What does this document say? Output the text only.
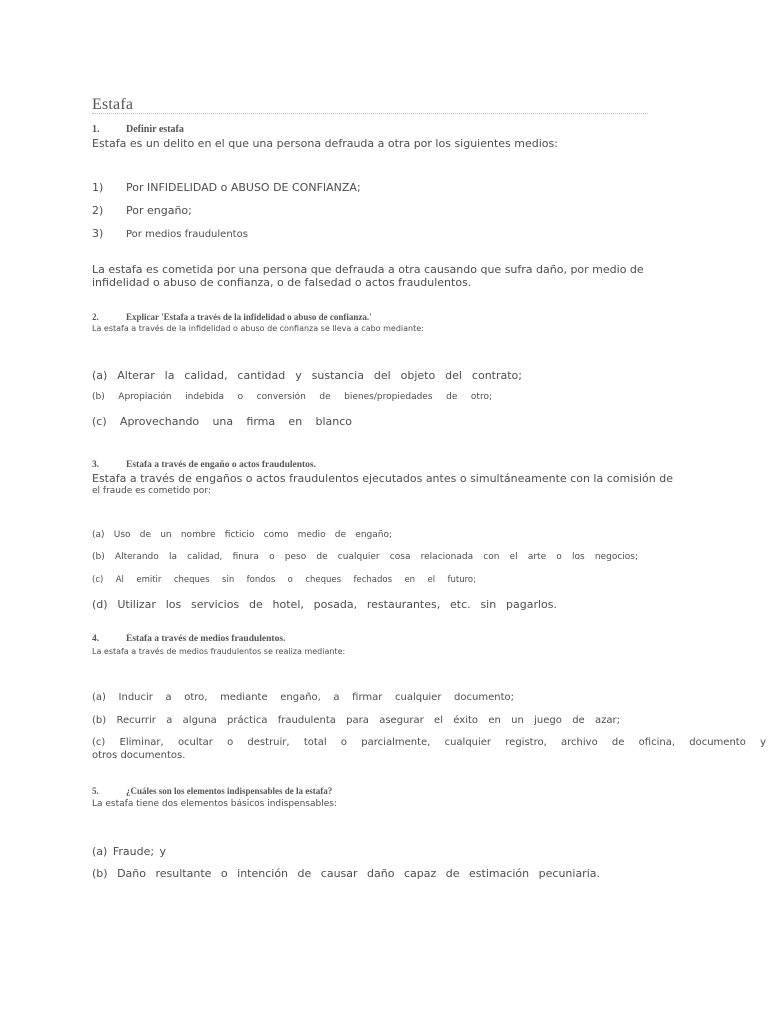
Estafa
1.	Definir estafa
Estafa es un delito en el que una persona defrauda a otra por los siguientes medios:
1) Por INFIDELIDAD o ABUSO DE CONFIANZA;
2) Por engaño;
3) Por medios fraudulentos
La estafa es cometida por una persona que defrauda a otra causando que sufra daño, por medio de
infidelidad o abuso de confianza, o de falsedad o actos fraudulentos.
2.	Explicar 'Estafa a través de la infidelidad o abuso de confianza.'
La estafa a través de la infidelidad o abuso de confianza se lleva a cabo mediante:
(a) Alterar la calidad, cantidad y sustancia del objeto del contrato;
(b) Apropiación indebida o conversión de bienes/propiedades de otro;
(c) Aprovechando una firma en blanco
3.	Estafa a través de engaño o actos fraudulentos.
Estafa a través de engaños o actos fraudulentos ejecutados antes o simultáneamente con la comisión de
el fraude es cometido por:
(a) Uso de un nombre ficticio como medio de engaño;
(b) Alterando la calidad, finura o peso de cualquier cosa relacionada con el arte o los negocios;
(c) Al emitir cheques sin fondos o cheques fechados en el futuro;
(d) Utilizar los servicios de hotel, posada, restaurantes, etc. sin pagarlos.
4.	Estafa a través de medios fraudulentos.
La estafa a través de medios fraudulentos se realiza mediante:
(a) Inducir a otro, mediante engaño, a firmar cualquier documento;
(b) Recurrir a alguna práctica fraudulenta para asegurar el éxito en un juego de azar;
(c) Eliminar, ocultar o destruir, total o parcialmente, cualquier registro, archivo de oficina, documento y
otros documentos.
5.	¿Cuáles son los elementos indispensables de la estafa?
La estafa tiene dos elementos básicos indispensables:
(a) Fraude; y
(b) Daño resultante o intención de causar daño capaz de estimación pecuniaria.
